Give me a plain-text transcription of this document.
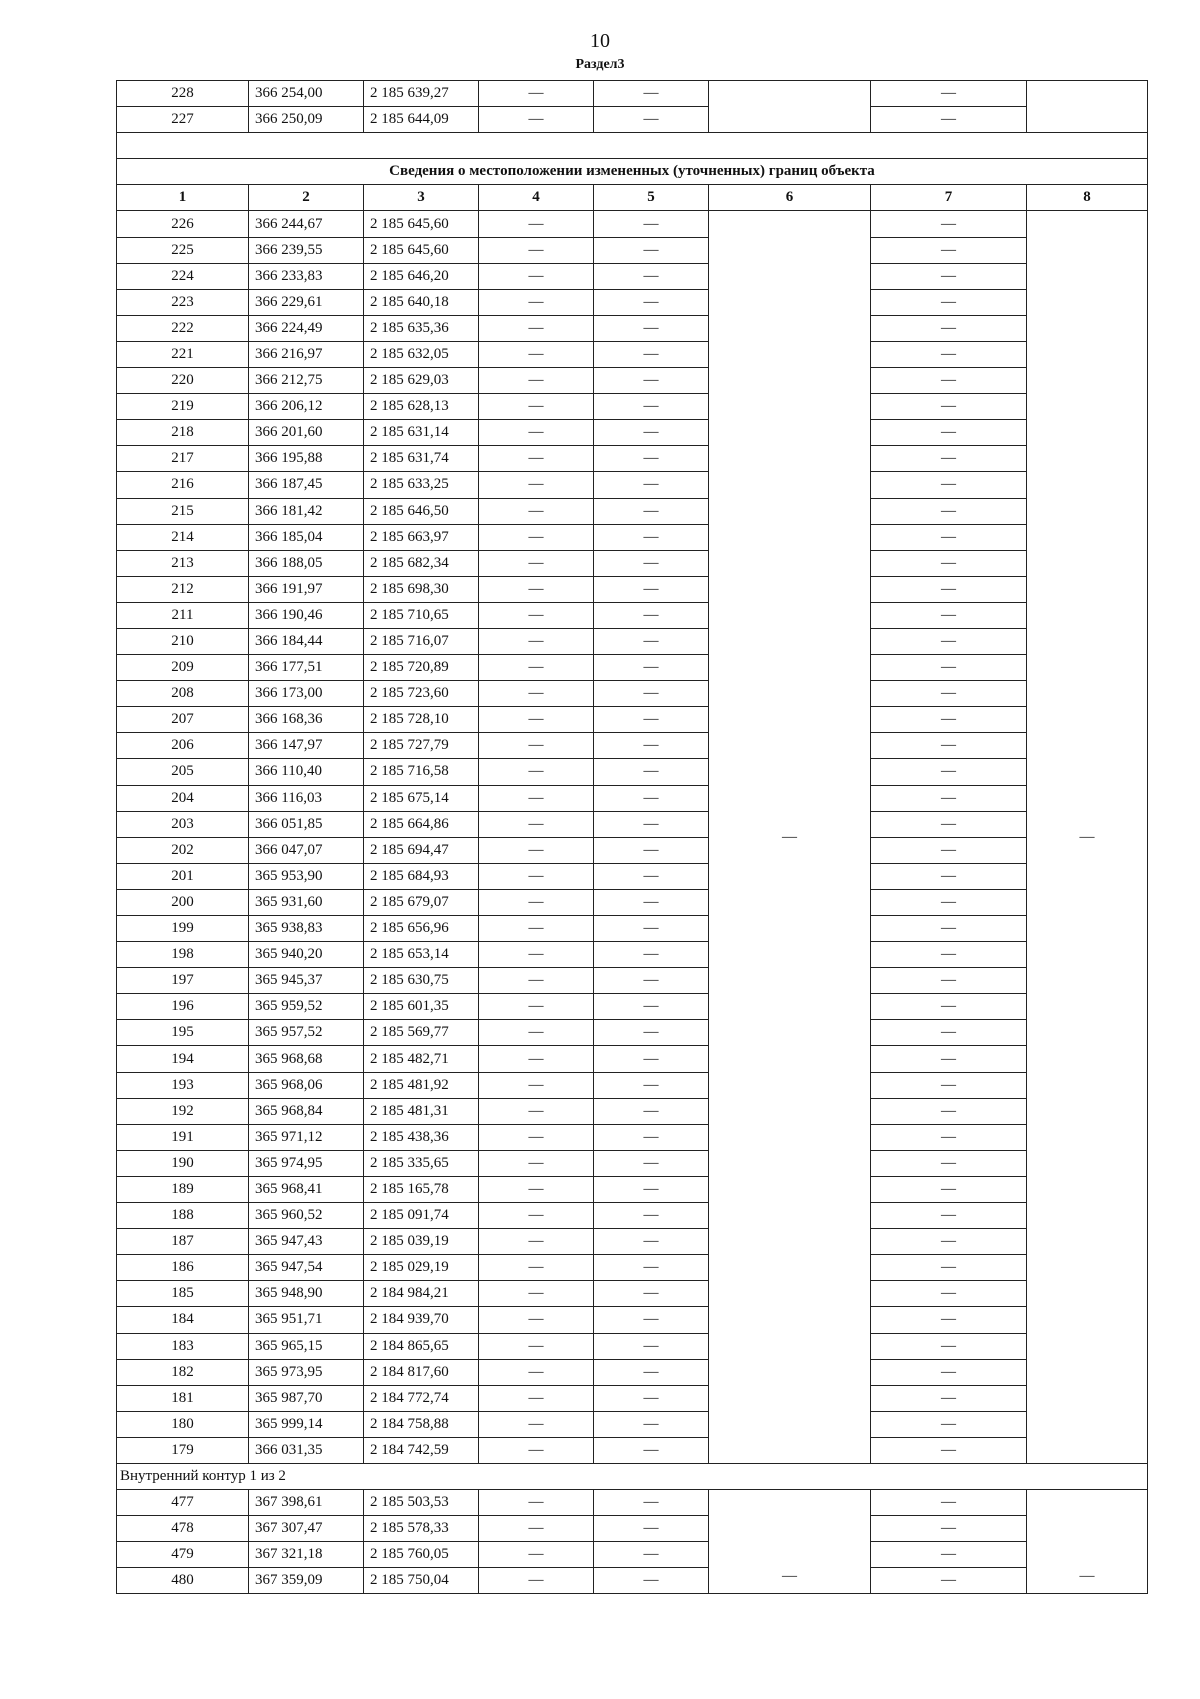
10
Раздел3
228	366 254,00	2 185 639,27	—	—		—	
227	366 250,09	2 185 644,09	—	—		—	

Сведения о местоположении измененных (уточненных) границ объекта							
1	2	3	4	5	6	7	8
226	366 244,67	2 185 645,60	—	—	—	—	—
225	366 239,55	2 185 645,60	—	—		—	
224	366 233,83	2 185 646,20	—	—		—	
223	366 229,61	2 185 640,18	—	—		—	
222	366 224,49	2 185 635,36	—	—		—	
221	366 216,97	2 185 632,05	—	—		—	
220	366 212,75	2 185 629,03	—	—		—	
219	366 206,12	2 185 628,13	—	—		—	
218	366 201,60	2 185 631,14	—	—		—	
217	366 195,88	2 185 631,74	—	—		—	
216	366 187,45	2 185 633,25	—	—		—	
215	366 181,42	2 185 646,50	—	—		—	
214	366 185,04	2 185 663,97	—	—		—	
213	366 188,05	2 185 682,34	—	—		—	
212	366 191,97	2 185 698,30	—	—		—	
211	366 190,46	2 185 710,65	—	—		—	
210	366 184,44	2 185 716,07	—	—		—	
209	366 177,51	2 185 720,89	—	—		—	
208	366 173,00	2 185 723,60	—	—		—	
207	366 168,36	2 185 728,10	—	—		—	
206	366 147,97	2 185 727,79	—	—		—	
205	366 110,40	2 185 716,58	—	—		—	
204	366 116,03	2 185 675,14	—	—		—	
203	366 051,85	2 185 664,86	—	—		—	
202	366 047,07	2 185 694,47	—	—		—	
201	365 953,90	2 185 684,93	—	—		—	
200	365 931,60	2 185 679,07	—	—		—	
199	365 938,83	2 185 656,96	—	—		—	
198	365 940,20	2 185 653,14	—	—		—	
197	365 945,37	2 185 630,75	—	—		—	
196	365 959,52	2 185 601,35	—	—		—	
195	365 957,52	2 185 569,77	—	—		—	
194	365 968,68	2 185 482,71	—	—		—	
193	365 968,06	2 185 481,92	—	—		—	
192	365 968,84	2 185 481,31	—	—		—	
191	365 971,12	2 185 438,36	—	—		—	
190	365 974,95	2 185 335,65	—	—		—	
189	365 968,41	2 185 165,78	—	—		—	
188	365 960,52	2 185 091,74	—	—		—	
187	365 947,43	2 185 039,19	—	—		—	
186	365 947,54	2 185 029,19	—	—		—	
185	365 948,90	2 184 984,21	—	—		—	
184	365 951,71	2 184 939,70	—	—		—	
183	365 965,15	2 184 865,65	—	—		—	
182	365 973,95	2 184 817,60	—	—		—	
181	365 987,70	2 184 772,74	—	—		—	
180	365 999,14	2 184 758,88	—	—		—	
179	366 031,35	2 184 742,59	—	—		—	
Внутренний контур 1 из 2							
477	367 398,61	2 185 503,53	—	—	—	—	—
478	367 307,47	2 185 578,33	—	—		—	
479	367 321,18	2 185 760,05	—	—		—	
480	367 359,09	2 185 750,04	—	—		—	
